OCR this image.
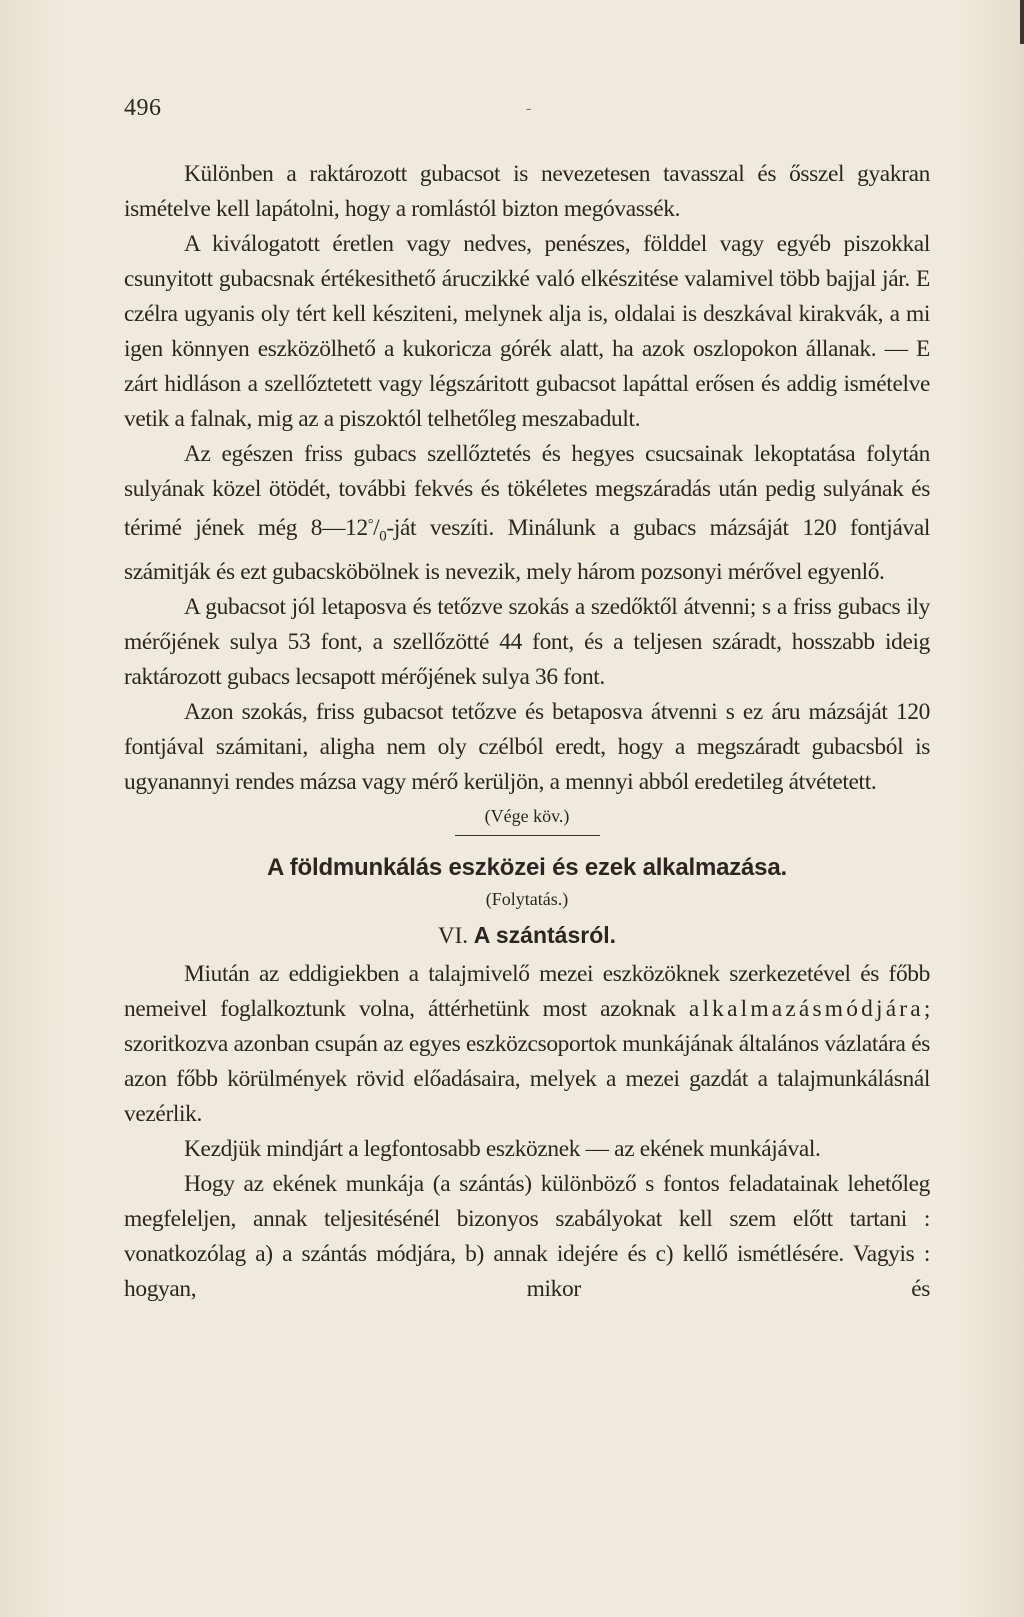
496	-

Különben a raktározott gubacsot is nevezetesen tavasszal és ősszel gyakran ismételve kell lapátolni, hogy a romlástól bizton megóvassék.

A kiválogatott éretlen vagy nedves, penészes, földdel vagy egyéb piszokkal csunyitott gubacsnak értékesithető áruczikké való elkészitése valamivel több bajjal jár. E czélra ugyanis oly tért kell késziteni, melynek alja is, oldalai is deszkával kirakvák, a mi igen könnyen eszközölhető a kukoricza górék alatt, ha azok oszlopokon állanak. — E zárt hidláson a szellőztetett vagy légszáritott gubacsot lapáttal erősen és addig ismételve vetik a falnak, mig az a piszoktól telhetőleg meszabadult.

Az egészen friss gubacs szellőztetés és hegyes csucsainak lekoptatása folytán sulyának közel ötödét, további fekvés és tökéletes megszáradás után pedig sulyának és térimé jének még $8—12^\circ/_0$-ját veszíti. Minálunk a gubacs mázsáját 120 fontjával számitják és ezt gubacsköbölnek is nevezik, mely három pozsonyi mérővel egyenlő.

A gubacsot jól letaposva és tetőzve szokás a szedőktől átvenni; s a friss gubacs ily mérőjének sulya 53 font, a szellőzötté 44 font, és a teljesen száradt, hosszabb ideig raktározott gubacs lecsapott mérőjének sulya 36 font.

Azon szokás, friss gubacsot tetőzve és betaposva átvenni s ez áru mázsáját 120 fontjával számitani, aligha nem oly czélból eredt, hogy a megszáradt gubacsból is ugyanannyi rendes mázsa vagy mérő kerüljön, a mennyi abból eredetileg átvétetett.

(Vége köv.)

A földmunkálás eszközei és ezek alkalmazása.

(Folytatás.)

VI. A szántásról.

Miután az eddigiekben a talajmivelő mezei eszközöknek szerkezetével és főbb nemeivel foglalkoztunk volna, áttérhetünk most azoknak alkalmazásmódjára; szoritkozva azonban csupán az egyes eszközcsoportok munkájának általános vázlatára és azon főbb körülmények rövid előadásaira, melyek a mezei gazdát a talajmunkálásnál vezérlik.

Kezdjük mindjárt a legfontosabb eszköznek — az ekének munkájával.

Hogy az ekének munkája (a szántás) különböző s fontos feladatainak lehetőleg megfeleljen, annak teljesitésénél bizonyos szabályokat kell szem előtt tartani : vonatkozólag a) a szántás módjára, b) annak idejére és c) kellő ismétlésére. Vagyis : hogyan, mikor és
